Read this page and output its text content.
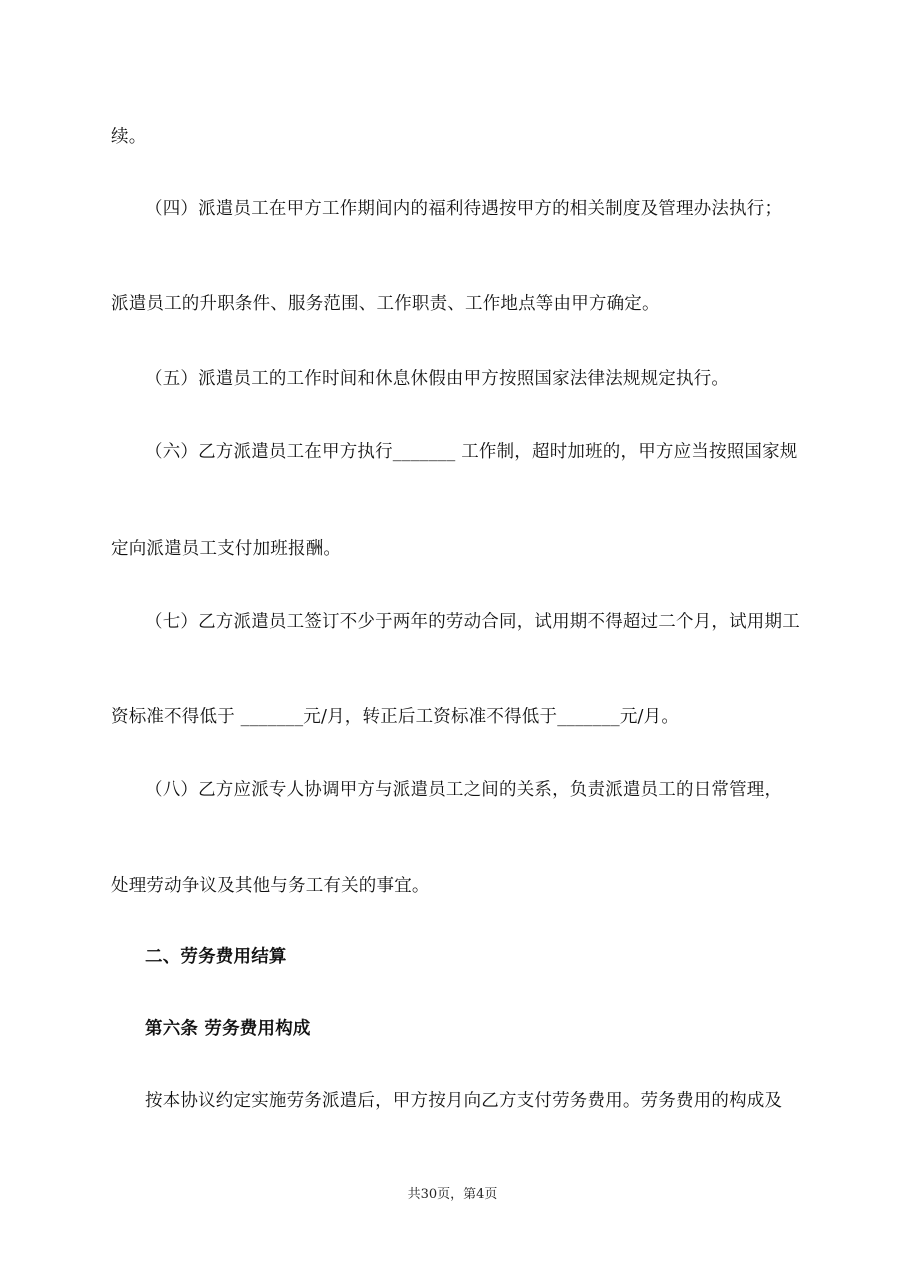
续。
（四）派遣员工在甲方工作期间内的福利待遇按甲方的相关制度及管理办法执行；
派遣员工的升职条件、服务范围、工作职责、工作地点等由甲方确定。
（五）派遣员工的工作时间和休息休假由甲方按照国家法律法规规定执行。
（六）乙方派遣员工在甲方执行_______ 工作制，超时加班的，甲方应当按照国家规
定向派遣员工支付加班报酬。
（七）乙方派遣员工签订不少于两年的劳动合同，试用期不得超过二个月，试用期工
资标准不得低于 _______元/月，转正后工资标准不得低于_______元/月。
（八）乙方应派专人协调甲方与派遣员工之间的关系，负责派遣员工的日常管理，
处理劳动争议及其他与务工有关的事宜。
二、劳务费用结算
第六条 劳务费用构成
按本协议约定实施劳务派遣后，甲方按月向乙方支付劳务费用。劳务费用的构成及
共30页，第4页
